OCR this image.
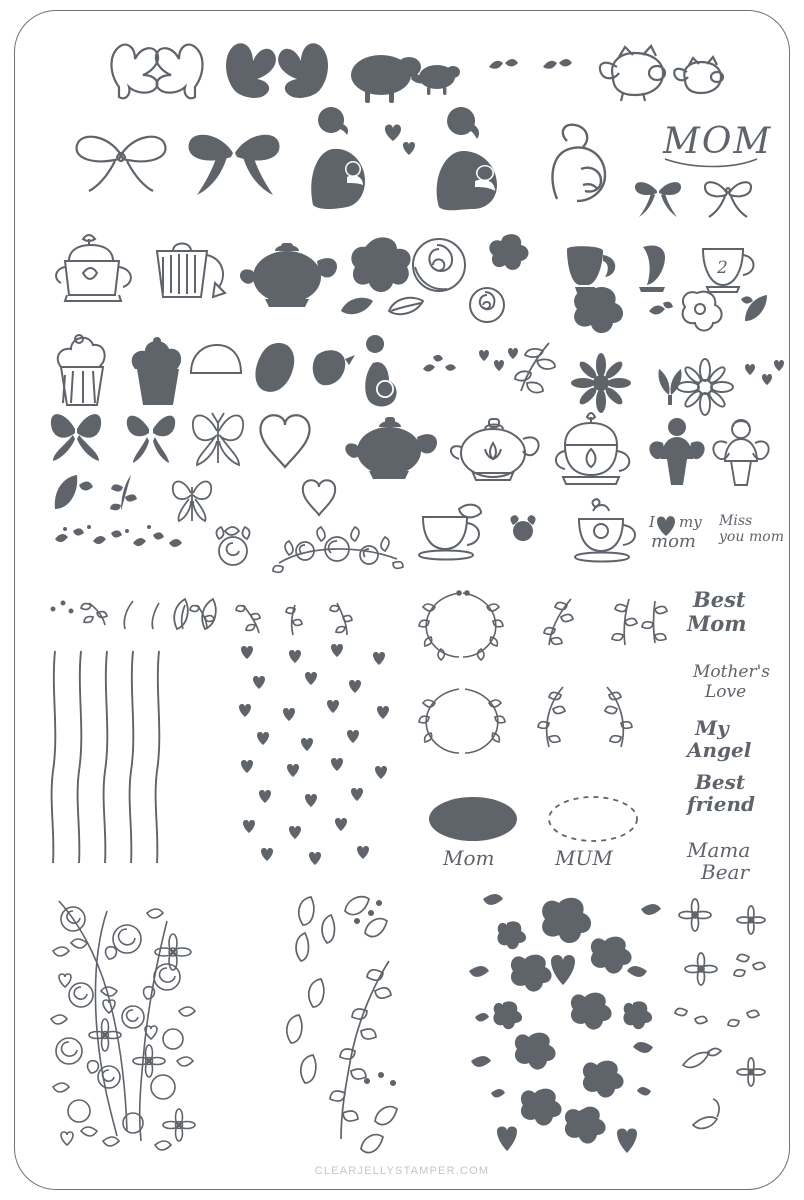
MOM
2
I my
mom
Miss
you mom
Best
Mom
Mother's
Love
My
Angel
Mom	MUM
Best
friend
Mama
Bear
CLEARJELLYSTAMPER.COM
